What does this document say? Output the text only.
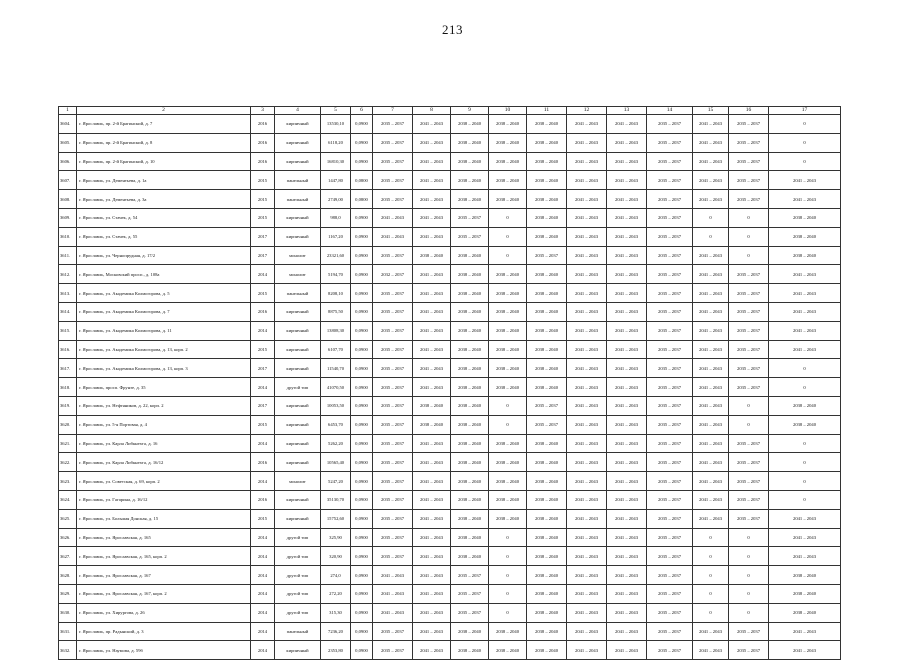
213
1	2	3	4	5	6	7	8	9	10	11	12	13	14	15	16	17
3604.	г. Ярославль, пр. 2-й Брагинский, д. 7	2016	кирпичный	13530,10	0,0900	2035 – 2037	2041 – 2043	2038 – 2040	2038 – 2040	2038 – 2040	2041 – 2043	2041 – 2043	2035 – 2037	2041 – 2043	2035 – 2037	0
3605.	г. Ярославль, пр. 2-й Брагинский, д. 8	2016	кирпичный	6118,20	0,0900	2035 – 2037	2041 – 2043	2038 – 2040	2038 – 2040	2038 – 2040	2041 – 2043	2041 – 2043	2035 – 2037	2041 – 2043	2035 – 2037	0
3606.	г. Ярославль, пр. 2-й Брагинский, д. 10	2016	кирпичный	16810,30	0,0900	2035 – 2037	2041 – 2043	2038 – 2040	2038 – 2040	2038 – 2040	2041 – 2043	2041 – 2043	2035 – 2037	2041 – 2043	2035 – 2037	0
3607.	г. Ярославль, ул. Дементьева, д. 1а	2015	панельный	1447,80	0,0800	2035 – 2037	2041 – 2043	2038 – 2040	2038 – 2040	2038 – 2040	2041 – 2043	2041 – 2043	2035 – 2037	2041 – 2043	2035 – 2037	2041 – 2043
3608.	г. Ярославль, ул. Дементьева, д. 3а	2015	панельный	2749,00	0,0800	2035 – 2037	2041 – 2043	2038 – 2040	2038 – 2040	2038 – 2040	2041 – 2043	2041 – 2043	2035 – 2037	2041 – 2043	2035 – 2037	2041 – 2043
3609.	г. Ярославль, ул. Стачек, д. 54	2015	кирпичный	988,0	0,0900	2041 – 2043	2041 – 2043	2035 – 2037	0	2038 – 2040	2041 – 2043	2041 – 2043	2035 – 2037	0	0	2038 – 2040
3610.	г. Ярославль, ул. Стачек, д. 55	2017	кирпичный	1167,20	0,0900	2041 – 2043	2041 – 2043	2035 – 2037	0	2038 – 2040	2041 – 2043	2041 – 2043	2035 – 2037	0	0	2038 – 2040
3611.	г. Ярославль, ул. Чернопрудная, д. 17/2	2017	монолит	23321,60	0,0900	2035 – 2037	2038 – 2040	2038 – 2040	0	2035 – 2037	2041 – 2043	2041 – 2043	2035 – 2037	2041 – 2043	0	2038 – 2040
3612.	г. Ярославль, Московский просп., д. 108а	2014	монолит	5194,70	0,0900	2032 – 2037	2041 – 2043	2038 – 2040	2038 – 2040	2038 – 2040	2041 – 2043	2041 – 2043	2035 – 2037	2041 – 2043	2035 – 2037	2041 – 2043
3613.	г. Ярославль, ул. Академика Колмогорова, д. 5	2015	панельный	8208,10	0,0900	2035 – 2037	2041 – 2043	2038 – 2040	2038 – 2040	2038 – 2040	2041 – 2043	2041 – 2043	2035 – 2037	2041 – 2043	2035 – 2037	2041 – 2043
3614.	г. Ярославль, ул. Академика Колмогорова, д. 7	2016	кирпичный	8875,50	0,0900	2035 – 2037	2041 – 2043	2038 – 2040	2038 – 2040	2038 – 2040	2041 – 2043	2041 – 2043	2035 – 2037	2041 – 2043	2035 – 2037	2041 – 2043
3615.	г. Ярославль, ул. Академика Колмогорова, д. 11	2014	кирпичный	13808,30	0,0900	2035 – 2037	2041 – 2043	2038 – 2040	2038 – 2040	2038 – 2040	2041 – 2043	2041 – 2043	2035 – 2037	2041 – 2043	2035 – 2037	2041 – 2043
3616.	г. Ярославль, ул. Академика Колмогорова, д. 13, корп. 2	2015	кирпичный	6107,70	0,0900	2035 – 2037	2041 – 2043	2038 – 2040	2038 – 2040	2038 – 2040	2041 – 2043	2041 – 2043	2035 – 2037	2041 – 2043	2035 – 2037	2041 – 2043
3617.	г. Ярославль, ул. Академика Колмогорова, д. 13, корп. 3	2017	кирпичный	11540,70	0,0900	2035 – 2037	2041 – 2043	2038 – 2040	2038 – 2040	2038 – 2040	2041 – 2043	2041 – 2043	2035 – 2037	2041 – 2043	2035 – 2037	0
3618.	г. Ярославль, просп. Фрунзе, д. 35	2014	другой тип	41070,50	0,0900	2035 – 2037	2041 – 2043	2038 – 2040	2038 – 2040	2038 – 2040	2041 – 2043	2041 – 2043	2035 – 2037	2041 – 2043	2035 – 2037	0
3619.	г. Ярославль, ул. Нефтяников, д. 22, корп. 2	2017	кирпичный	10053,50	0,0900	2035 – 2037	2038 – 2040	2038 – 2040	0	2035 – 2037	2041 – 2043	2041 – 2043	2035 – 2037	2041 – 2043	0	2038 – 2040
3620.	г. Ярославль, ул. 5-я Портовая, д. 4	2015	кирпичный	6453,70	0,0900	2035 – 2037	2038 – 2040	2038 – 2040	0	2035 – 2037	2041 – 2043	2041 – 2043	2035 – 2037	2041 – 2043	0	2038 – 2040
3621.	г. Ярославль, ул. Карла Либкнехта, д. 16	2014	кирпичный	5262,20	0,0900	2035 – 2037	2041 – 2043	2038 – 2040	2038 – 2040	2038 – 2040	2041 – 2043	2041 – 2043	2035 – 2037	2041 – 2043	2035 – 2037	0
3622.	г. Ярославль, ул. Карла Либкнехта, д. 16/12	2016	кирпичный	10565,40	0,0900	2035 – 2037	2041 – 2043	2038 – 2040	2038 – 2040	2038 – 2040	2041 – 2043	2041 – 2043	2035 – 2037	2041 – 2043	2035 – 2037	0
3623.	г. Ярославль, ул. Советская, д. 69, корп. 2	2014	монолит	5247,20	0,0900	2035 – 2037	2041 – 2043	2038 – 2040	2038 – 2040	2038 – 2040	2041 – 2043	2041 – 2043	2035 – 2037	2041 – 2043	2035 – 2037	0
3624.	г. Ярославль, ул. Гагарина, д. 16/12	2016	кирпичный	35130,70	0,0900	2035 – 2037	2041 – 2043	2038 – 2040	2038 – 2040	2038 – 2040	2041 – 2043	2041 – 2043	2035 – 2037	2041 – 2043	2035 – 2037	0
3625.	г. Ярославль, ул. Большая Донская, д. 15	2015	кирпичный	15752,60	0,0900	2035 – 2037	2041 – 2043	2038 – 2040	2038 – 2040	2038 – 2040	2041 – 2043	2041 – 2043	2035 – 2037	2041 – 2043	2035 – 2037	2041 – 2043
3626.	г. Ярославль, ул. Ярославская, д. 165	2014	другой тип	325,90	0,0900	2035 – 2037	2041 – 2043	2038 – 2040	0	2038 – 2040	2041 – 2043	2041 – 2043	2035 – 2037	0	0	2041 – 2043
3627.	г. Ярославль, ул. Ярославская, д. 165, корп. 2	2014	другой тип	320,90	0,0900	2035 – 2037	2041 – 2043	2038 – 2040	0	2038 – 2040	2041 – 2043	2041 – 2043	2035 – 2037	0	0	2041 – 2043
3628.	г. Ярославль, ул. Ярославская, д. 167	2014	другой тип	274,0	0,0900	2041 – 2043	2041 – 2043	2035 – 2037	0	2038 – 2040	2041 – 2043	2041 – 2043	2035 – 2037	0	0	2038 – 2040
3629.	г. Ярославль, ул. Ярославская, д. 167, корп. 2	2014	другой тип	272,20	0,0900	2041 – 2043	2041 – 2043	2035 – 2037	0	2038 – 2040	2041 – 2043	2041 – 2043	2035 – 2037	0	0	2038 – 2040
3630.	г. Ярославль, ул. Хирургова, д. 26	2014	другой тип	315,30	0,0900	2041 – 2043	2041 – 2043	2035 – 2037	0	2038 – 2040	2041 – 2043	2041 – 2043	2035 – 2037	0	0	2038 – 2040
3631.	г. Ярославль, пр. Радынский, д. 3	2014	панельный	7236,20	0,0900	2035 – 2037	2041 – 2043	2038 – 2040	2038 – 2040	2038 – 2040	2041 – 2043	2041 – 2043	2035 – 2037	2041 – 2043	2035 – 2037	2041 – 2043
3632.	г. Ярославль, ул. Наумова, д. 59б	2014	кирпичный	2353,80	0,0900	2035 – 2037	2041 – 2043	2038 – 2040	2038 – 2040	2038 – 2040	2041 – 2043	2041 – 2043	2035 – 2037	2041 – 2043	2035 – 2037	2041 – 2043
